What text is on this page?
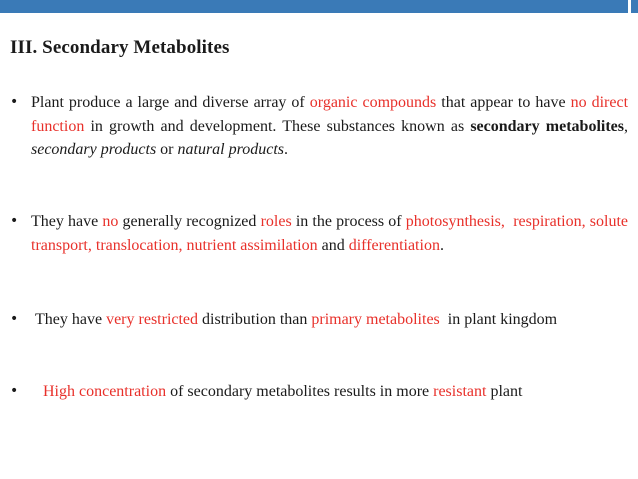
III. Secondary Metabolites
• Plant produce a large and diverse array of organic compounds that appear to have no direct function in growth and development. These substances known as secondary metabolites, secondary products or natural products.
• They have no generally recognized roles in the process of photosynthesis,  respiration, solute transport, translocation, nutrient assimilation and differentiation.
• They have very restricted distribution than primary metabolites  in plant kingdom
•	High concentration of secondary metabolites results in more resistant plant
